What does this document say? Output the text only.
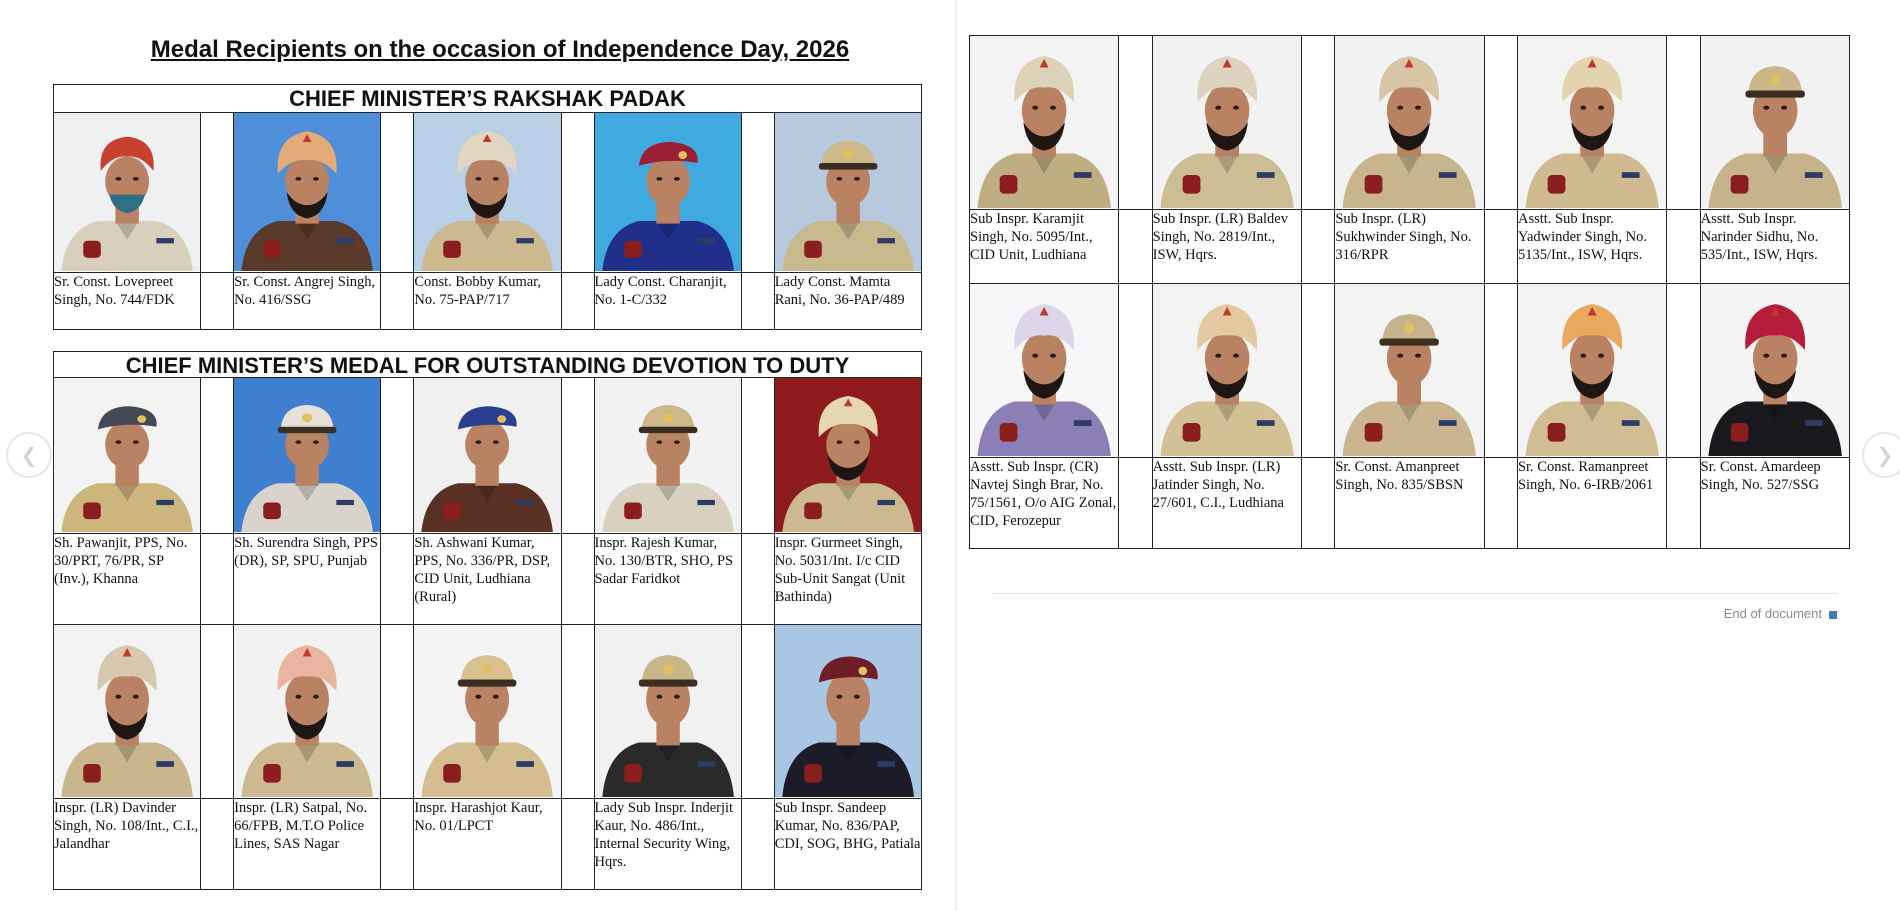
Medal Recipients on the occasion of Independence Day, 2026
CHIEF MINISTER’S RAKSHAK PADAK

Sr. Const. Lovepreet Singh, No. 744/FDK		Sr. Const. Angrej Singh, No. 416/SSG		Const. Bobby Kumar, No. 75-PAP/717		Lady Const. Charanjit, No. 1-C/332		Lady Const. Mamta Rani, No. 36-PAP/489
CHIEF MINISTER’S MEDAL FOR OUTSTANDING DEVOTION TO DUTY

Sh. Pawanjit, PPS, No. 30/PRT, 76/PR, SP (Inv.), Khanna		Sh. Surendra Singh, PPS (DR), SP, SPU, Punjab		Sh. Ashwani Kumar, PPS, No. 336/PR, DSP, CID Unit, Ludhiana (Rural)		Inspr. Rajesh Kumar, No. 130/BTR, SHO, PS Sadar Faridkot		Inspr. Gurmeet Singh, No. 5031/Int. I/c CID Sub-Unit Sangat (Unit Bathinda)

Inspr. (LR) Davinder Singh, No. 108/Int., C.I., Jalandhar		Inspr. (LR) Satpal, No. 66/FPB, M.T.O Police Lines, SAS Nagar		Inspr. Harashjot Kaur, No. 01/LPCT		Lady Sub Inspr. Inderjit Kaur, No. 486/Int., Internal Security Wing, Hqrs.		Sub Inspr. Sandeep Kumar, No. 836/PAP, CDI, SOG, BHG, Patiala

Sub Inspr. Karamjit Singh, No. 5095/Int., CID Unit, Ludhiana		Sub Inspr. (LR) Baldev Singh, No. 2819/Int., ISW, Hqrs.		Sub Inspr. (LR) Sukhwinder Singh, No. 316/RPR		Asstt. Sub Inspr. Yadwinder Singh, No. 5135/Int., ISW, Hqrs.		Asstt. Sub Inspr. Narinder Sidhu, No. 535/Int., ISW, Hqrs.

Asstt. Sub Inspr. (CR) Navtej Singh Brar, No. 75/1561, O/o AIG Zonal, CID, Ferozepur		Asstt. Sub Inspr. (LR) Jatinder Singh, No. 27/601, C.I., Ludhiana		Sr. Const. Amanpreet Singh, No. 835/SBSN		Sr. Const. Ramanpreet Singh, No. 6-IRB/2061		Sr. Const. Amardeep Singh, No. 527/SSG
End of document
❮	❯
